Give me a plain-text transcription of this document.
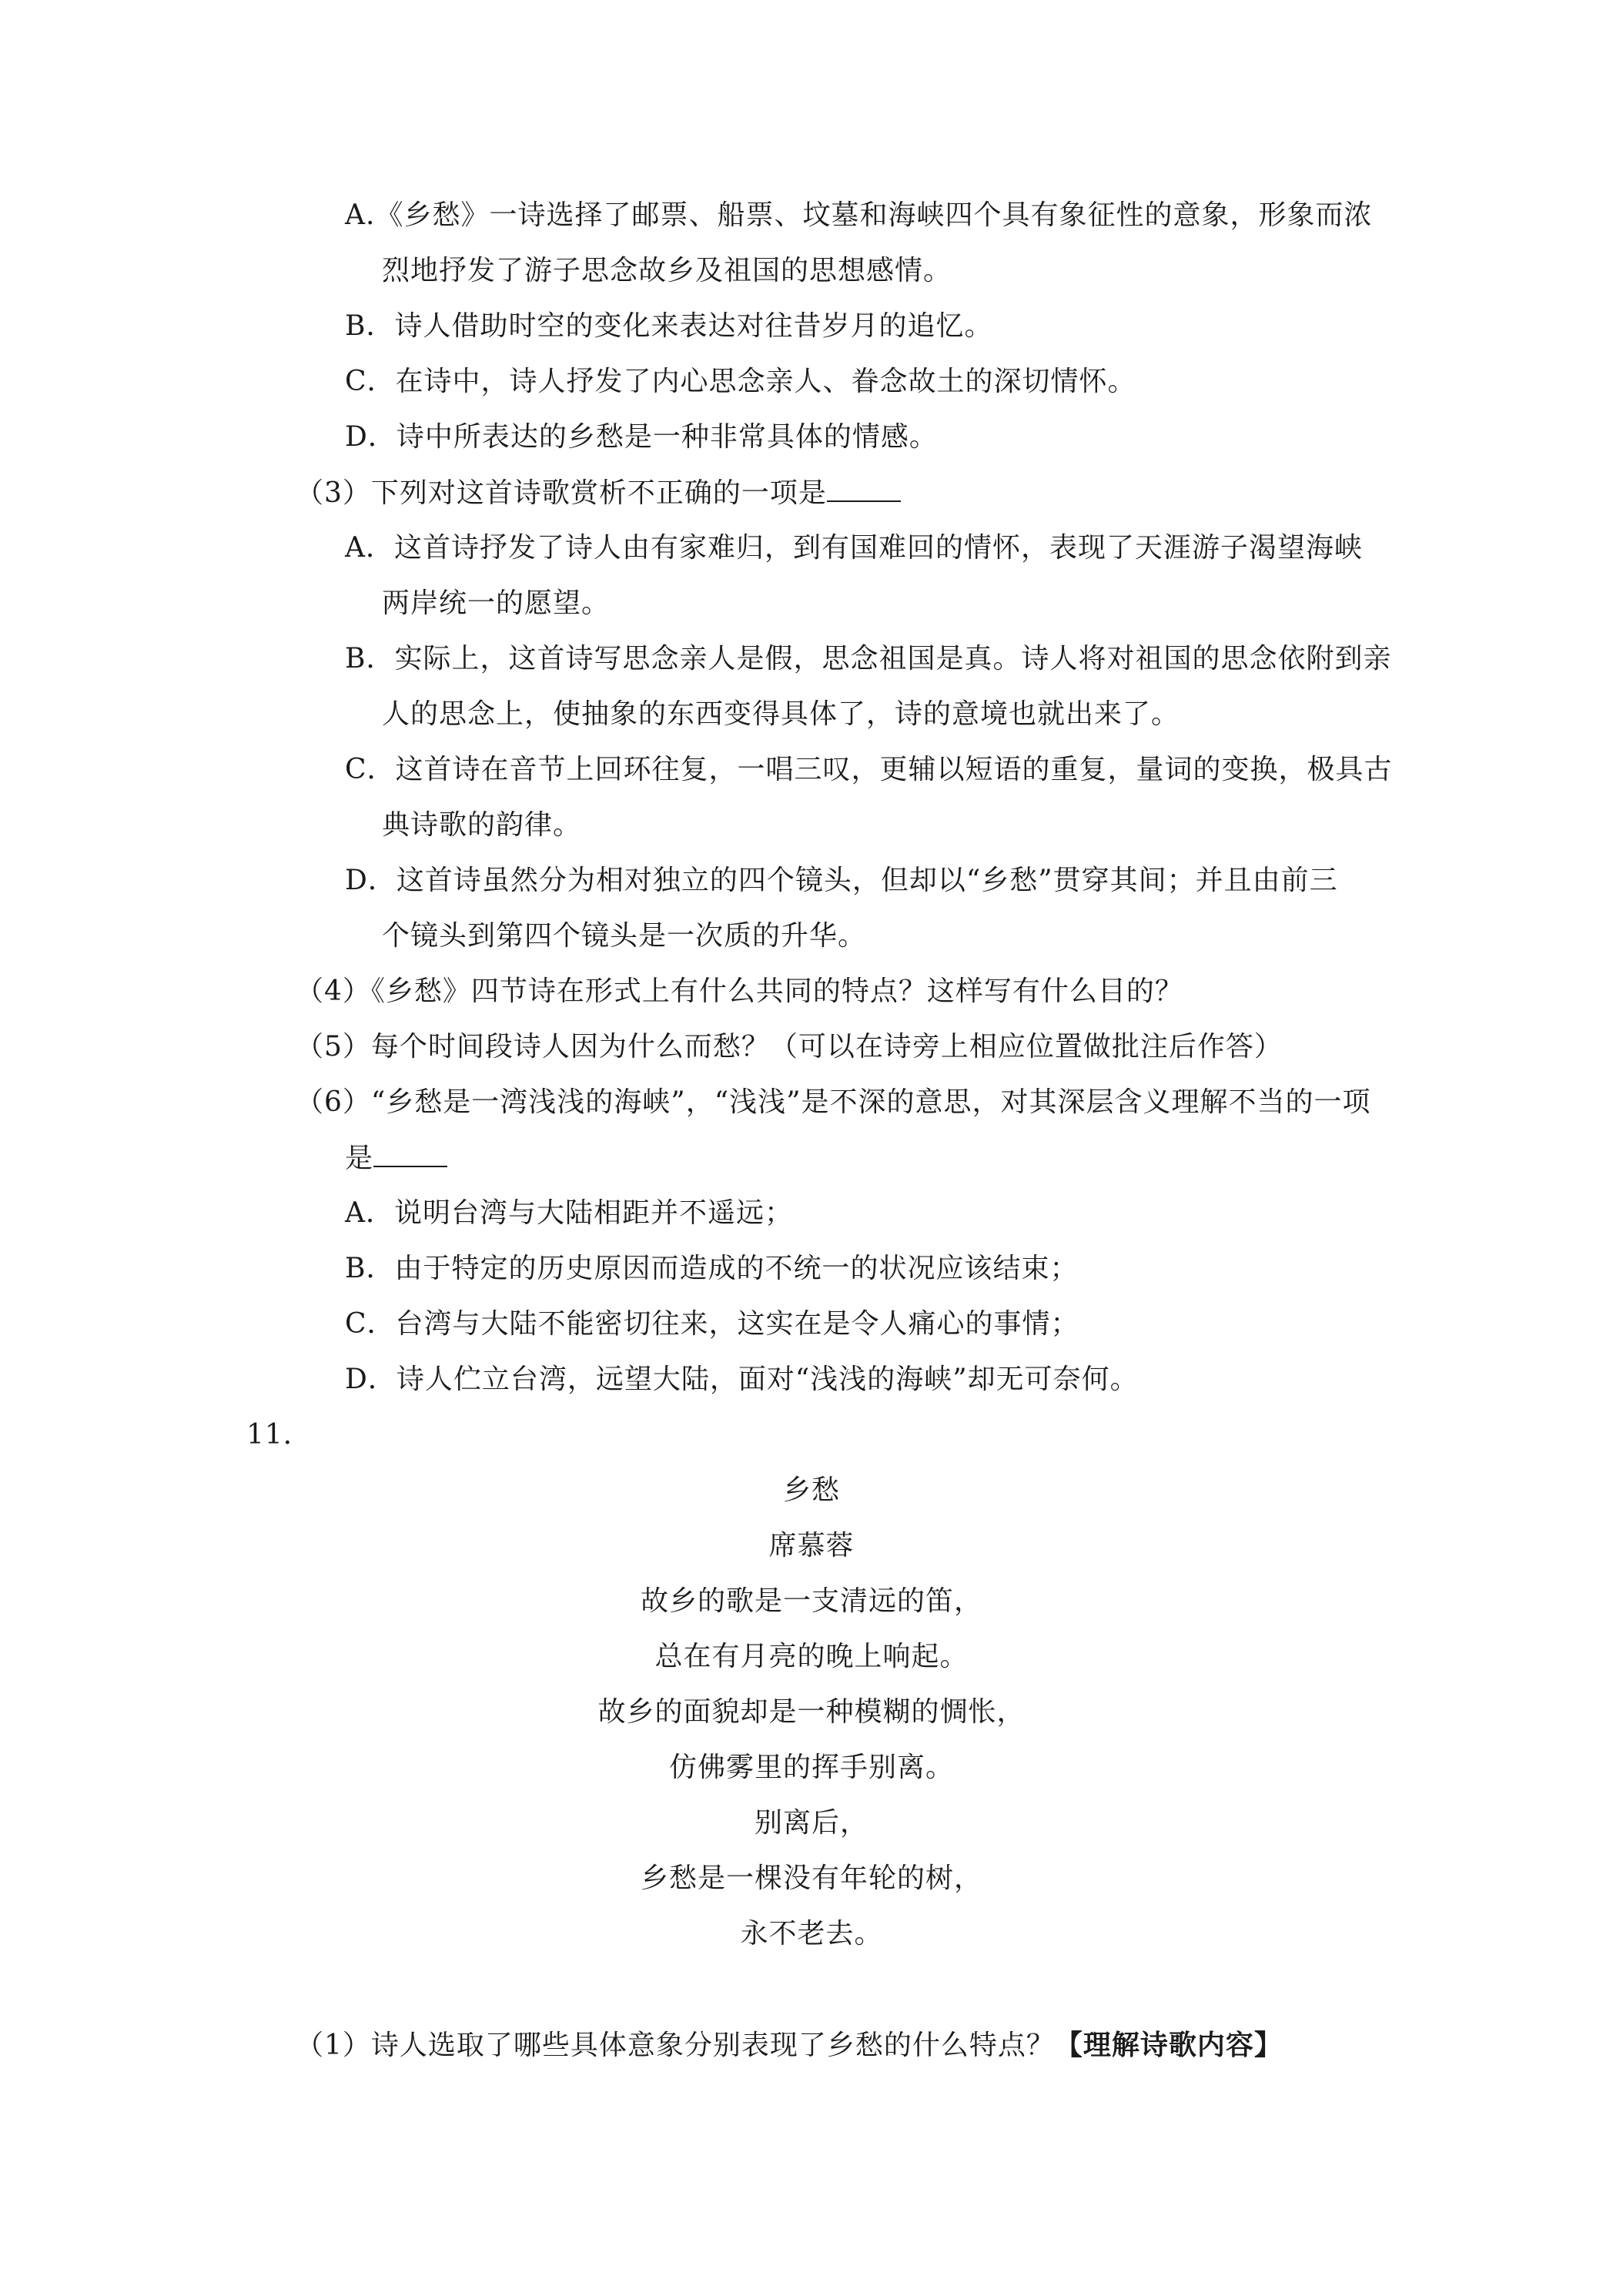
A.《乡愁》一诗选择了邮票、船票、坟墓和海峡四个具有象征性的意象，形象而浓
烈地抒发了游子思念故乡及祖国的思想感情。
B．诗人借助时空的变化来表达对往昔岁月的追忆。
C．在诗中，诗人抒发了内心思念亲人、眷念故土的深切情怀。
D．诗中所表达的乡愁是一种非常具体的情感。
（3）下列对这首诗歌赏析不正确的一项是
A．这首诗抒发了诗人由有家难归，到有国难回的情怀，表现了天涯游子渴望海峡
两岸统一的愿望。
B．实际上，这首诗写思念亲人是假，思念祖国是真。诗人将对祖国的思念依附到亲
人的思念上，使抽象的东西变得具体了，诗的意境也就出来了。
C．这首诗在音节上回环往复，一唱三叹，更辅以短语的重复，量词的变换，极具古
典诗歌的韵律。
D．这首诗虽然分为相对独立的四个镜头，但却以“乡愁”贯穿其间；并且由前三
个镜头到第四个镜头是一次质的升华。
（4）《乡愁》四节诗在形式上有什么共同的特点？这样写有什么目的？
（5）每个时间段诗人因为什么而愁？（可以在诗旁上相应位置做批注后作答）
（6）“乡愁是一湾浅浅的海峡”，“浅浅”是不深的意思，对其深层含义理解不当的一项
是
A．说明台湾与大陆相距并不遥远；
B．由于特定的历史原因而造成的不统一的状况应该结束；
C．台湾与大陆不能密切往来，这实在是令人痛心的事情；
D．诗人伫立台湾，远望大陆，面对“浅浅的海峡”却无可奈何。
11．
乡愁
席慕蓉
故乡的歌是一支清远的笛，
总在有月亮的晚上响起。
故乡的面貌却是一种模糊的惆怅，
仿佛雾里的挥手别离。
别离后，
乡愁是一棵没有年轮的树，
永不老去。
（1）诗人选取了哪些具体意象分别表现了乡愁的什么特点？【理解诗歌内容】
